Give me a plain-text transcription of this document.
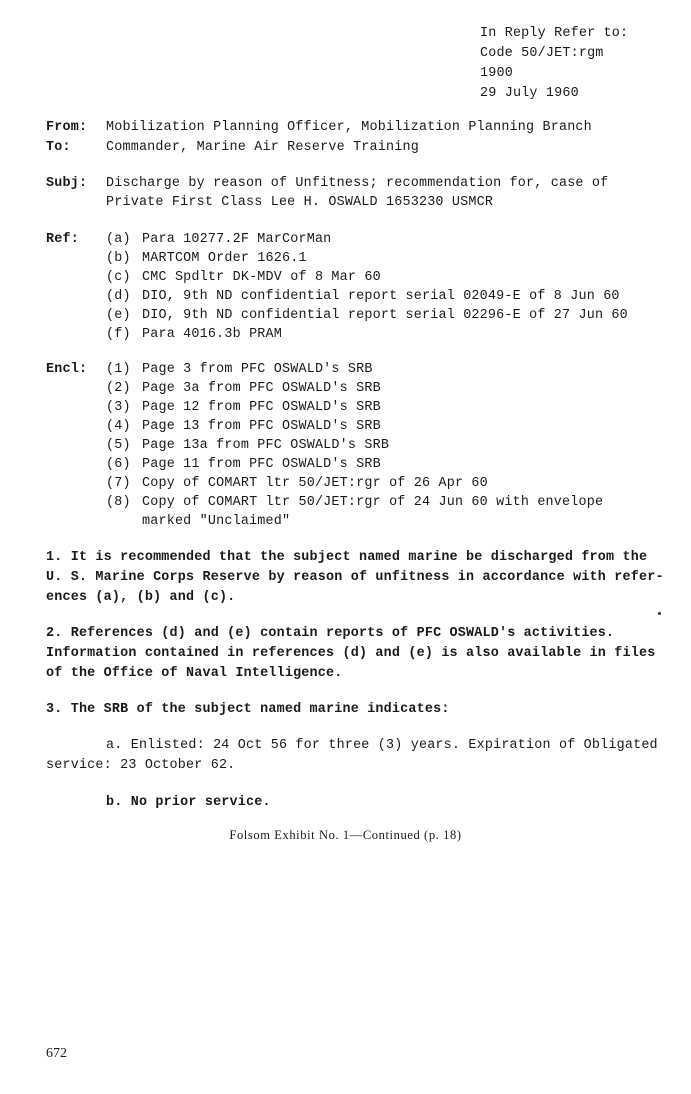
In Reply Refer to:
Code 50/JET:rgm
1900
29 July 1960
From:	Mobilization Planning Officer, Mobilization Planning Branch
To:	Commander, Marine Air Reserve Training
Subj:	Discharge by reason of Unfitness; recommendation for, case of
Private First Class Lee H. OSWALD 1653230 USMCR
Ref:	(a) Para 10277.2F MarCorMan
(b) MARTCOM Order 1626.1
(c) CMC Spdltr DK-MDV of 8 Mar 60
(d) DIO, 9th ND confidential report serial 02049-E of 8 Jun 60
(e) DIO, 9th ND confidential report serial 02296-E of 27 Jun 60
(f) Para 4016.3b PRAM
Encl:	(1) Page 3 from PFC OSWALD's SRB
(2) Page 3a from PFC OSWALD's SRB
(3) Page 12 from PFC OSWALD's SRB
(4) Page 13 from PFC OSWALD's SRB
(5) Page 13a from PFC OSWALD's SRB
(6) Page 11 from PFC OSWALD's SRB
(7) Copy of COMART ltr 50/JET:rgr of 26 Apr 60
(8) Copy of COMART ltr 50/JET:rgr of 24 Jun 60 with envelope
marked "Unclaimed"
1. It is recommended that the subject named marine be discharged from the
U. S. Marine Corps Reserve by reason of unfitness in accordance with refer-
ences (a), (b) and (c).
2. References (d) and (e) contain reports of PFC OSWALD's activities.
Information contained in references (d) and (e) is also available in files
of the Office of Naval Intelligence.
3. The SRB of the subject named marine indicates:
a. Enlisted: 24 Oct 56 for three (3) years. Expiration of Obligated
service: 23 October 62.
b. No prior service.
Folsom Exhibit No. 1—Continued (p. 18)
672
